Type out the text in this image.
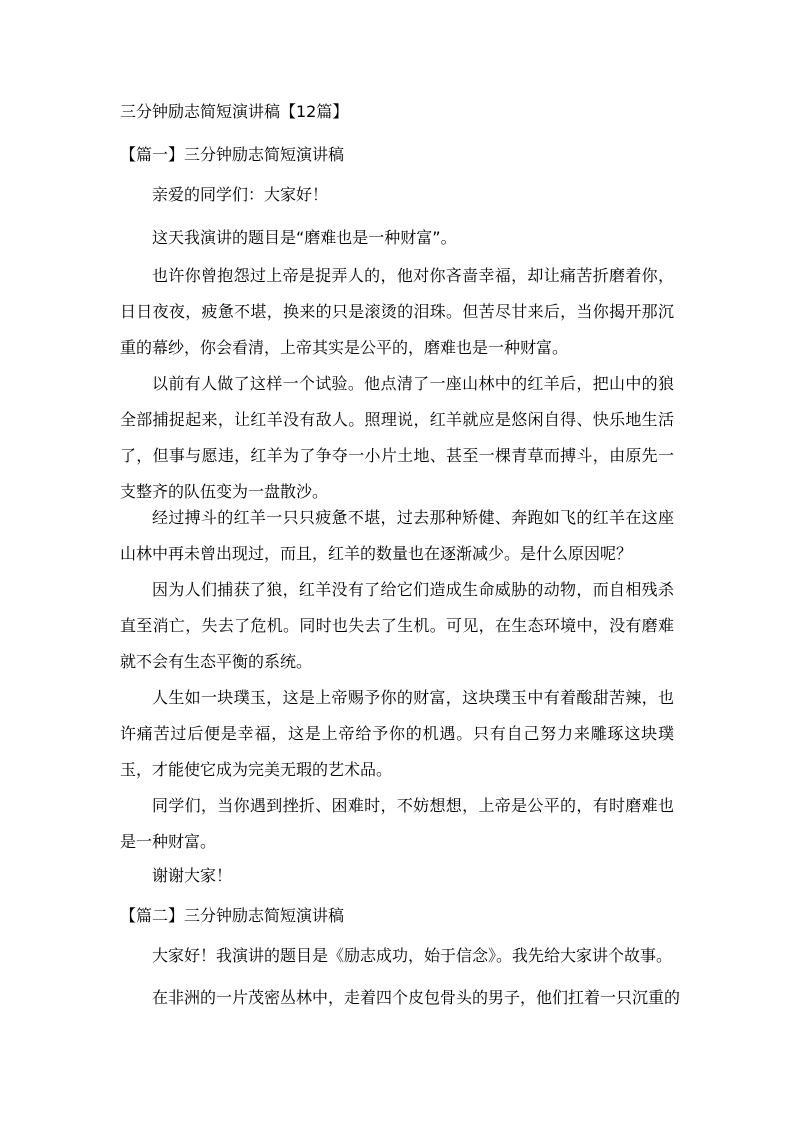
三分钟励志简短演讲稿【12篇】
【篇一】三分钟励志简短演讲稿
亲爱的同学们：大家好！
这天我演讲的题目是“磨难也是一种财富”。

也许你曾抱怨过上帝是捉弄人的，他对你吝啬幸福，却让痛苦折磨着你，日日夜夜，疲惫不堪，换来的只是滚烫的泪珠。但苦尽甘来后，当你揭开那沉重的幕纱，你会看清，上帝其实是公平的，磨难也是一种财富。

以前有人做了这样一个试验。他点清了一座山林中的红羊后，把山中的狼全部捕捉起来，让红羊没有敌人。照理说，红羊就应是悠闲自得、快乐地生活了，但事与愿违，红羊为了争夺一小片土地、甚至一棵青草而搏斗，由原先一支整齐的队伍变为一盘散沙。

经过搏斗的红羊一只只疲惫不堪，过去那种矫健、奔跑如飞的红羊在这座山林中再未曾出现过，而且，红羊的数量也在逐渐减少。是什么原因呢？

因为人们捕获了狼，红羊没有了给它们造成生命威胁的动物，而自相残杀直至消亡，失去了危机。同时也失去了生机。可见，在生态环境中，没有磨难就不会有生态平衡的系统。

人生如一块璞玉，这是上帝赐予你的财富，这块璞玉中有着酸甜苦辣，也许痛苦过后便是幸福，这是上帝给予你的机遇。只有自己努力来雕琢这块璞玉，才能使它成为完美无瑕的艺术品。

同学们，当你遇到挫折、困难时，不妨想想，上帝是公平的，有时磨难也是一种财富。

谢谢大家！
【篇二】三分钟励志简短演讲稿
大家好！我演讲的题目是《励志成功，始于信念》。我先给大家讲个故事。
在非洲的一片茂密丛林中，走着四个皮包骨头的男子，他们扛着一只沉重的
